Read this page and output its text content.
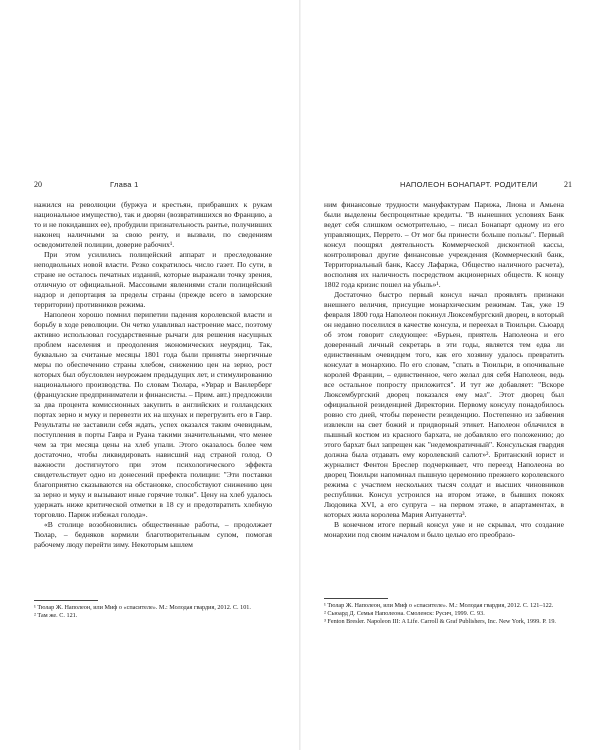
20	Глава 1

нажился на революции (буржуа и крестьян, прибравших к рукам национальное имущество), так и дворян (возвратившихся во Францию, а то и не покидавших ее), пробудили признательность рантье, получивших наконец наличными за свою ренту, и вызвали, по сведениям осведомителей полиции, доверие рабочих¹.

При этом усилились полицейский аппарат и преследование неподвольных новой власти. Резко сократилось число газет. По сути, в стране не осталось печатных изданий, которые выражали точку зрения, отличную от официальной. Массовыми явлениями стали полицейский надзор и депортация за пределы страны (прежде всего в заморские территории) противников режима.

Наполеон хорошо помнил перипетии падения королевской власти и борьбу в ходе революции. Он четко улавливал настроение масс, поэтому активно использовал государственные рычаги для решения насущных проблем населения и преодоления экономических неурядиц. Так, буквально за считаные месяцы 1801 года были приняты энергичные меры по обеспечению страны хлебом, снижению цен на зерно, рост которых был обусловлен неурожаем предыдущих лет, и стимулированию национального производства. По словам Тюлара, «Уврар и Ванлерберг (французские предприниматели и финансисты. – Прим. авт.) предложили за два процента комиссионных закупить в английских и голландских портах зерно и муку и перевезти их на шхунах и перегрузить его в Гавр. Результаты не заставили себя ждать, успех оказался таким очевидным, поступления в порты Гавра и Руана такими значительными, что менее чем за три месяца цены на хлеб упали. Этого оказалось более чем достаточно, чтобы ликвидировать нависший над страной голод. О важности достигнутого при этом психологического эффекта свидетельствует одно из донесений префекта полиции: "Эти поставки благоприятно сказываются на обстановке, способствуют снижению цен за зерно и муку и вызывают иные горячие толки". Цену на хлеб удалось удержать ниже критической отметки в 18 су и предотвратить хлебную торговлю. Париж избежал голода».

«В столице возобновились общественные работы, – продолжает Тюлар, – бедняков кормили благотворительным супом, помогая рабочему люду перейти зиму. Некоторым ышлем

¹ Тюлар Ж. Наполеон, или Миф о «спасителе». М.: Молодая гвардия, 2012. С. 101.
² Там же. С. 121.
НАПОЛЕОН БОНАПАРТ. РОДИТЕЛИ	21

ним финансовые трудности мануфактурам Парижа, Лиона и Амьена были выделены беспроцентные кредиты. "В нынешних условиях Банк ведет себя слишком осмотрительно, – писал Бонапарт одному из его управляющих, Перрето. – От мог бы принести больше пользы". Первый консул поощрял деятельность Коммерческой дисконтной кассы, контролировал другие финансовые учреждения (Коммерческий банк, Территориальный банк, Кассу Лафаржа, Общество наличного расчета), восполняя их наличность посредством акционерных обществ. К концу 1802 года кризис пошел на убыль»¹.

Достаточно быстро первый консул начал проявлять признаки внешнего величия, присущие монархическим режимам. Так, уже 19 февраля 1800 года Наполеон покинул Люксембургский дворец, в который он недавно поселился в качестве консула, и переехал в Тюильри. Сьюард об этом говорит следующее: «Бурьен, приятель Наполеона и его доверенный личный секретарь в эти годы, является тем едва ли единственным очевидцем того, как его хозяину удалось превратить консулат в монархию. По его словам, "спать в Тюильри, в опочивальне королей Франции, – единственное, чего желал для себя Наполеон, ведь все остальное попросту приложится". И тут же добавляет: "Вскоре Люксембургский дворец показался ему мал". Этот дворец был официальной резиденцией Директории. Первому консулу понадобилось ровно сто дней, чтобы перенести резиденцию. Постепенно из забвения извлекли на свет божий и придворный этикет. Наполеон облачился в пышный костюм из красного бархата, не добавляло его положению; до этого бархат был запрещен как "недемократичный". Консульская гвардия должна была отдавать ему королевский салют»². Британский юрист и журналист Фентон Бреслер подчеркивает, что переезд Наполеона во дворец Тюильри напоминал пышную церемонию прежнего королевского режима с участием нескольких тысяч солдат и высших чиновников республики. Консул устроился на втором этаже, в бывших покоях Людовика XVI, а его супруга – на первом этаже, в апартаментах, в которых жила королева Мария Антуанетта³.

В конечном итоге первый консул уже и не скрывал, что создание монархии под своим началом и было целью его преобразо-

¹ Тюлар Ж. Наполеон, или Миф о «спасителе». М.: Молодая гвардия, 2012. С. 121–122.
² Сьюард Д. Семья Наполеона. Смоленск: Русич, 1999. С. 93.
³ Fenton Bresler. Napoleon III: A Life. Carroll & Graf Publishers, Inc. New York, 1999. P. 19.
